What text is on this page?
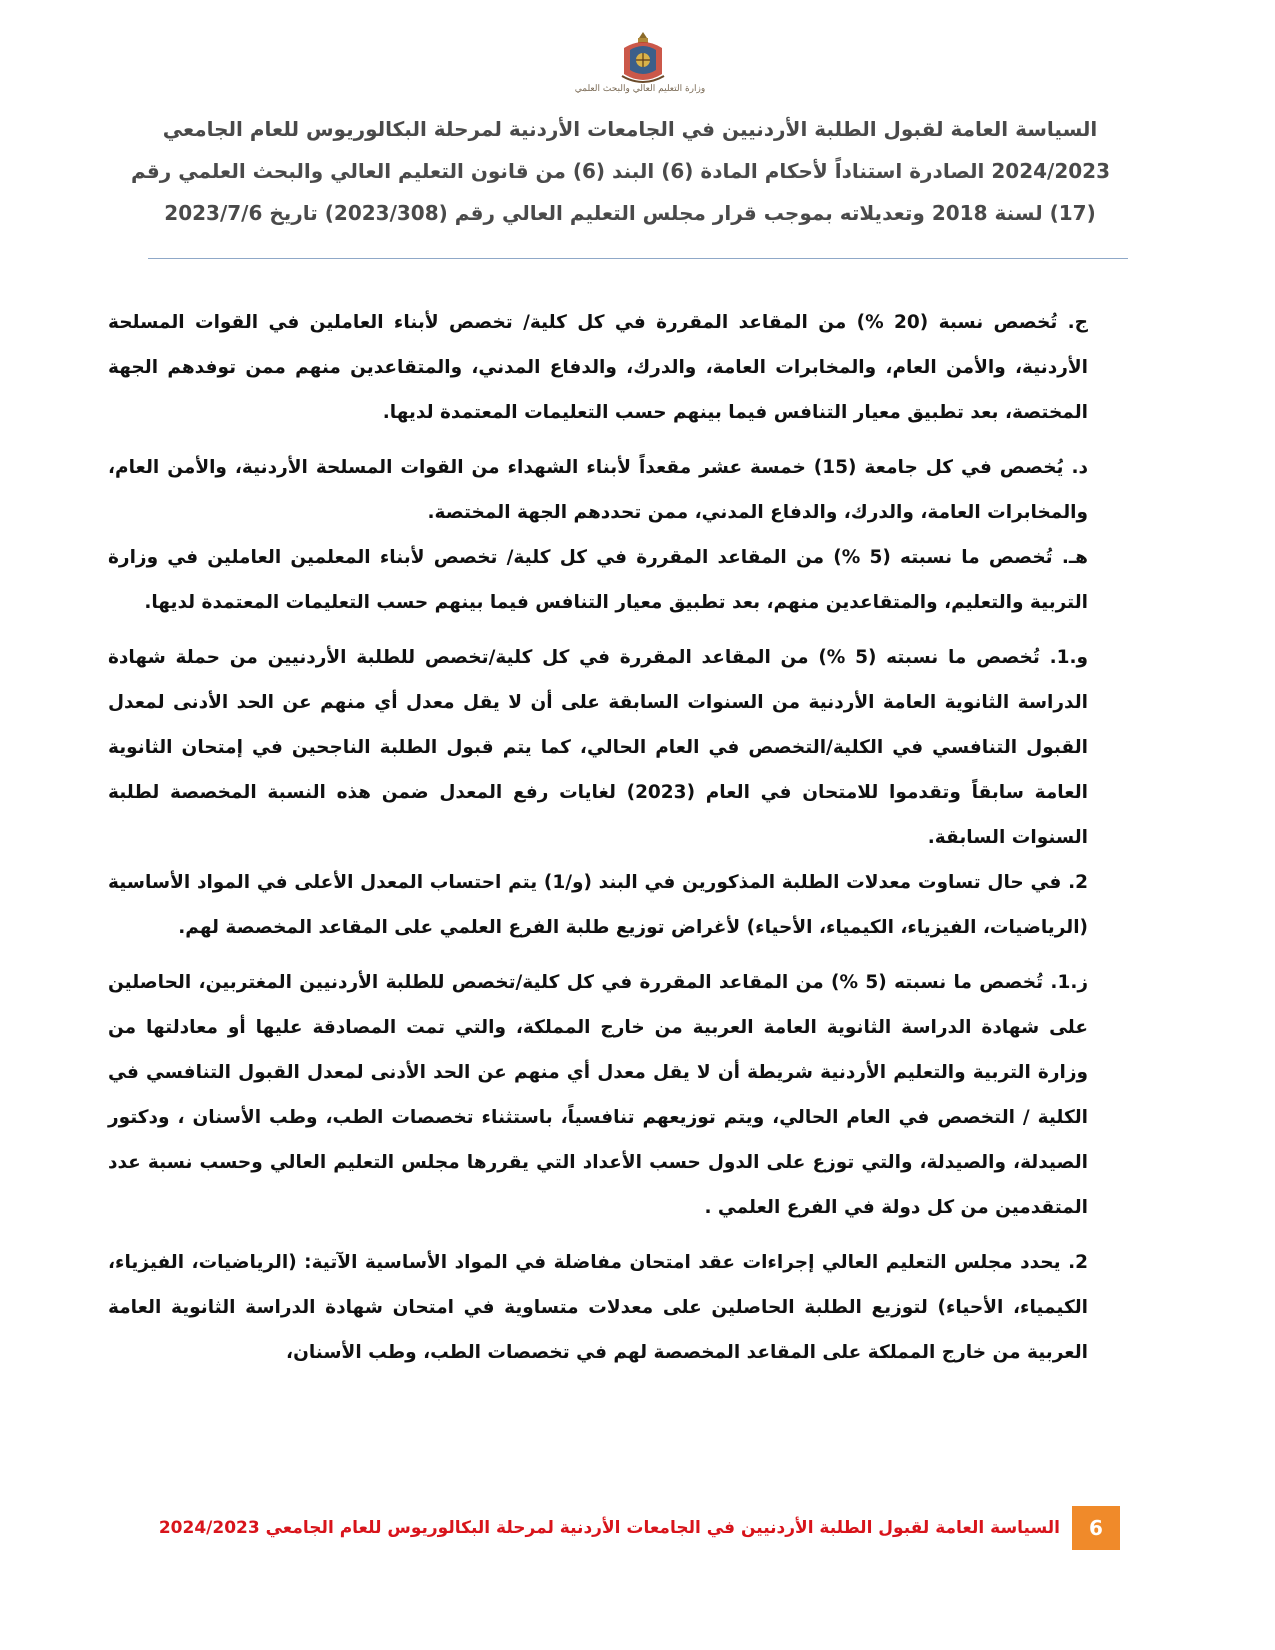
وزارة التعليم العالي والبحث العلمي
السياسة العامة لقبول الطلبة الأردنيين في الجامعات الأردنية لمرحلة البكالوريوس للعام الجامعي
2024/2023 الصادرة استناداً لأحكام المادة (6) البند (6) من قانون التعليم العالي والبحث العلمي رقم
(17) لسنة 2018 وتعديلاته بموجب قرار مجلس التعليم العالي رقم (2023/308) تاريخ 2023/7/6

ج. تُخصص نسبة (20 %) من المقاعد المقررة في كل كلية/ تخصص لأبناء العاملين في القوات المسلحة الأردنية، والأمن العام، والمخابرات العامة، والدرك، والدفاع المدني، والمتقاعدين منهم ممن توفدهم الجهة المختصة، بعد تطبيق معيار التنافس فيما بينهم حسب التعليمات المعتمدة لديها.

د. يُخصص في كل جامعة (15) خمسة عشر مقعداً لأبناء الشهداء من القوات المسلحة الأردنية، والأمن العام، والمخابرات العامة، والدرك، والدفاع المدني، ممن تحددهم الجهة المختصة.

هـ. تُخصص ما نسبته (5 %) من المقاعد المقررة في كل كلية/ تخصص لأبناء المعلمين العاملين في وزارة التربية والتعليم، والمتقاعدين منهم، بعد تطبيق معيار التنافس فيما بينهم حسب التعليمات المعتمدة لديها.

و.1. تُخصص ما نسبته (5 %) من المقاعد المقررة في كل كلية/تخصص للطلبة الأردنيين من حملة شهادة الدراسة الثانوية العامة الأردنية من السنوات السابقة على أن لا يقل معدل أي منهم عن الحد الأدنى لمعدل القبول التنافسي في الكلية/التخصص في العام الحالي، كما يتم قبول الطلبة الناجحين في إمتحان الثانوية العامة سابقاً وتقدموا للامتحان في العام (2023) لغايات رفع المعدل ضمن هذه النسبة المخصصة لطلبة السنوات السابقة.

2. في حال تساوت معدلات الطلبة المذكورين في البند (و/1) يتم احتساب المعدل الأعلى في المواد الأساسية (الرياضيات، الفيزياء، الكيمياء، الأحياء) لأغراض توزيع طلبة الفرع العلمي على المقاعد المخصصة لهم.

ز.1. تُخصص ما نسبته (5 %) من المقاعد المقررة في كل كلية/تخصص للطلبة الأردنيين المغتربين، الحاصلين على شهادة الدراسة الثانوية العامة العربية من خارج المملكة، والتي تمت المصادقة عليها أو معادلتها من وزارة التربية والتعليم الأردنية شريطة أن لا يقل معدل أي منهم عن الحد الأدنى لمعدل القبول التنافسي في الكلية / التخصص في العام الحالي، ويتم توزيعهم تنافسياً، باستثناء تخصصات الطب، وطب الأسنان ، ودكتور الصيدلة، والصيدلة، والتي توزع على الدول حسب الأعداد التي يقررها مجلس التعليم العالي وحسب نسبة عدد المتقدمين من كل دولة في الفرع العلمي .

2. يحدد مجلس التعليم العالي إجراءات عقد امتحان مفاضلة في المواد الأساسية الآتية: (الرياضيات، الفيزياء، الكيمياء، الأحياء) لتوزيع الطلبة الحاصلين على معدلات متساوية في امتحان شهادة الدراسة الثانوية العامة العربية من خارج المملكة على المقاعد المخصصة لهم في تخصصات الطب، وطب الأسنان،

6
السياسة العامة لقبول الطلبة الأردنيين في الجامعات الأردنية لمرحلة البكالوريوس للعام الجامعي 2024/2023
